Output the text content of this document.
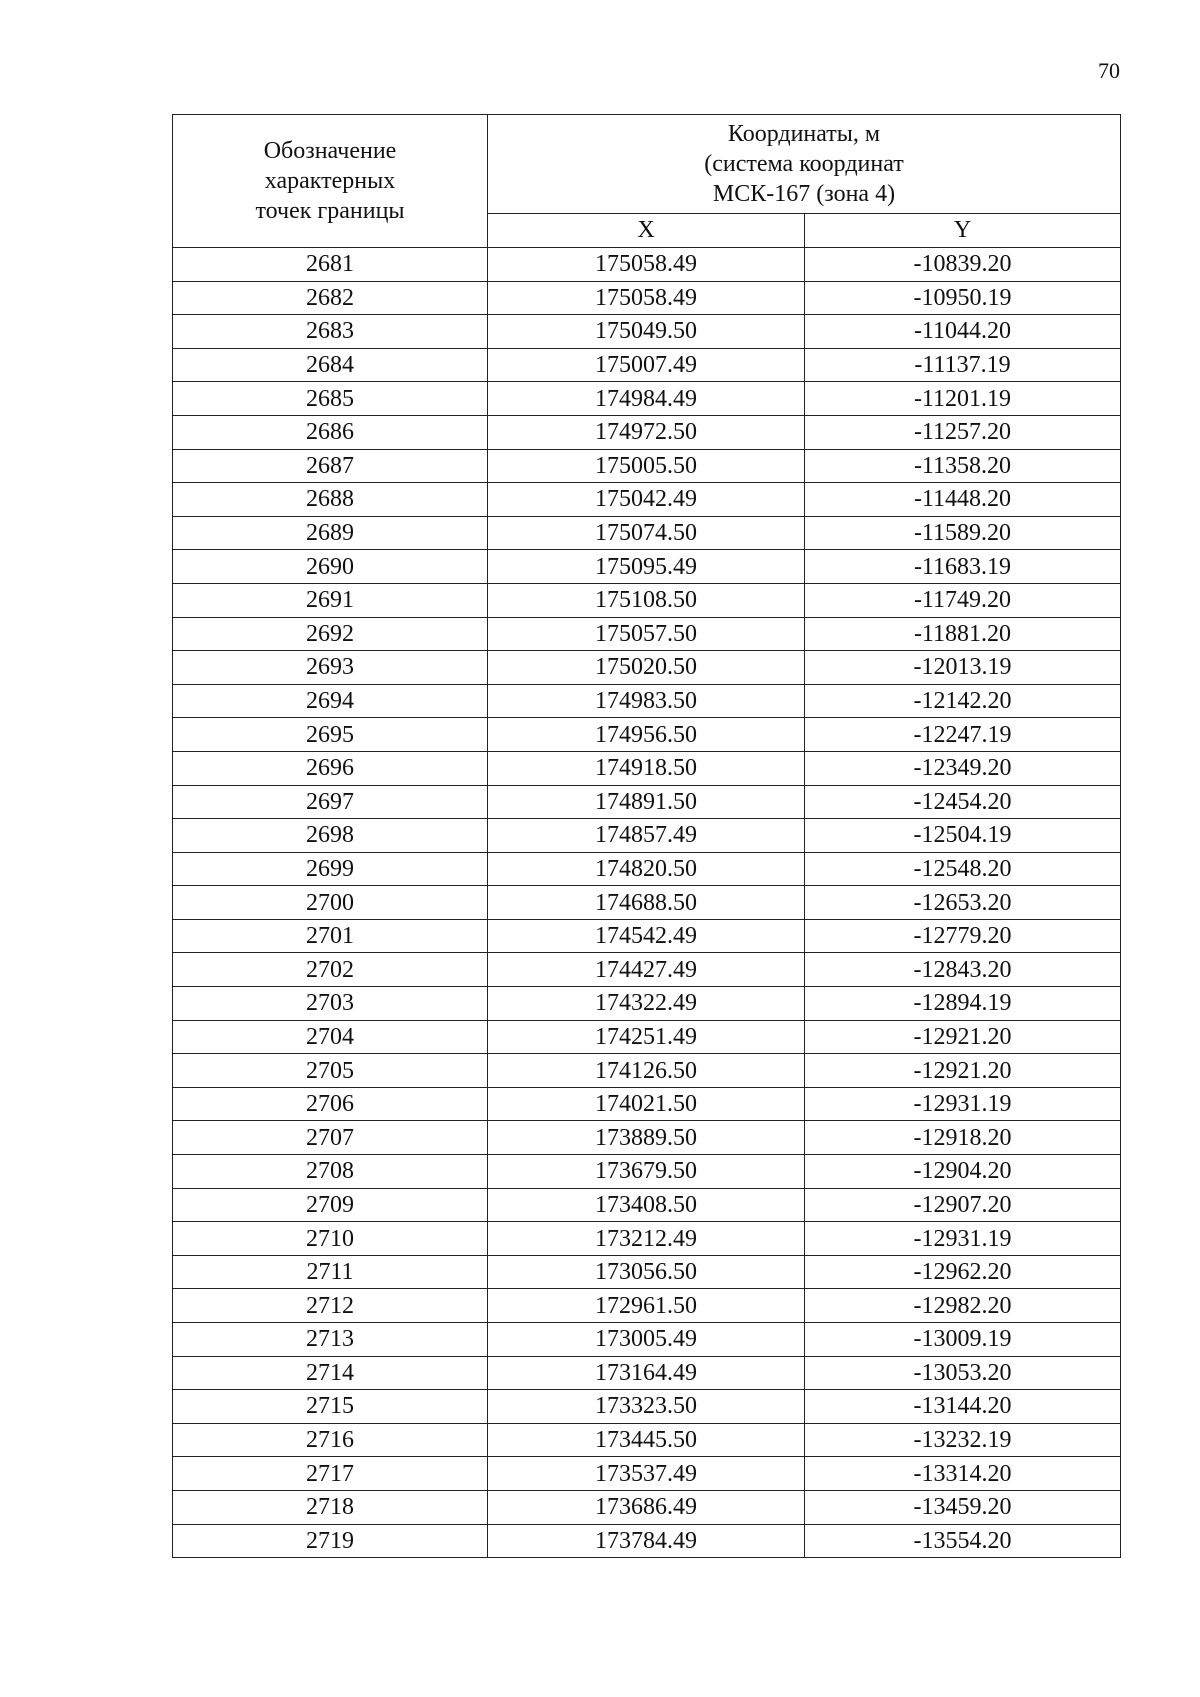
70
Обозначение
характерных
точек границы	Координаты, м
(система координат
МСК-167 (зона 4)	

	X	Y
2681	175058.49	-10839.20
2682	175058.49	-10950.19
2683	175049.50	-11044.20
2684	175007.49	-11137.19
2685	174984.49	-11201.19
2686	174972.50	-11257.20
2687	175005.50	-11358.20
2688	175042.49	-11448.20
2689	175074.50	-11589.20
2690	175095.49	-11683.19
2691	175108.50	-11749.20
2692	175057.50	-11881.20
2693	175020.50	-12013.19
2694	174983.50	-12142.20
2695	174956.50	-12247.19
2696	174918.50	-12349.20
2697	174891.50	-12454.20
2698	174857.49	-12504.19
2699	174820.50	-12548.20
2700	174688.50	-12653.20
2701	174542.49	-12779.20
2702	174427.49	-12843.20
2703	174322.49	-12894.19
2704	174251.49	-12921.20
2705	174126.50	-12921.20
2706	174021.50	-12931.19
2707	173889.50	-12918.20
2708	173679.50	-12904.20
2709	173408.50	-12907.20
2710	173212.49	-12931.19
2711	173056.50	-12962.20
2712	172961.50	-12982.20
2713	173005.49	-13009.19
2714	173164.49	-13053.20
2715	173323.50	-13144.20
2716	173445.50	-13232.19
2717	173537.49	-13314.20
2718	173686.49	-13459.20
2719	173784.49	-13554.20
